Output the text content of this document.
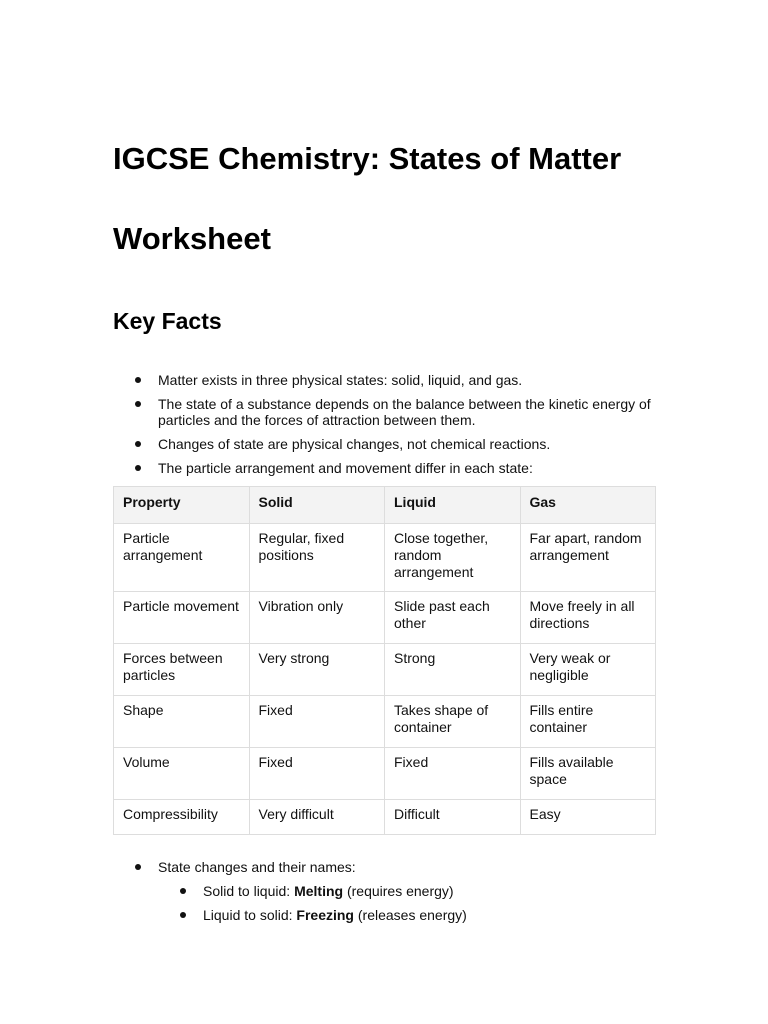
IGCSE Chemistry: States of Matter Worksheet
Key Facts
Matter exists in three physical states: solid, liquid, and gas.
The state of a substance depends on the balance between the kinetic energy of particles and the forces of attraction between them.
Changes of state are physical changes, not chemical reactions.
The particle arrangement and movement differ in each state:
Property	Solid	Liquid	Gas
Particle arrangement	Regular, fixed positions	Close together, random arrangement	Far apart, random arrangement
Particle movement	Vibration only	Slide past each other	Move freely in all directions
Forces between particles	Very strong	Strong	Very weak or negligible
Shape	Fixed	Takes shape of container	Fills entire container
Volume	Fixed	Fixed	Fills available space
Compressibility	Very difficult	Difficult	Easy
State changes and their names:
Solid to liquid: Melting (requires energy)
Liquid to solid: Freezing (releases energy)
